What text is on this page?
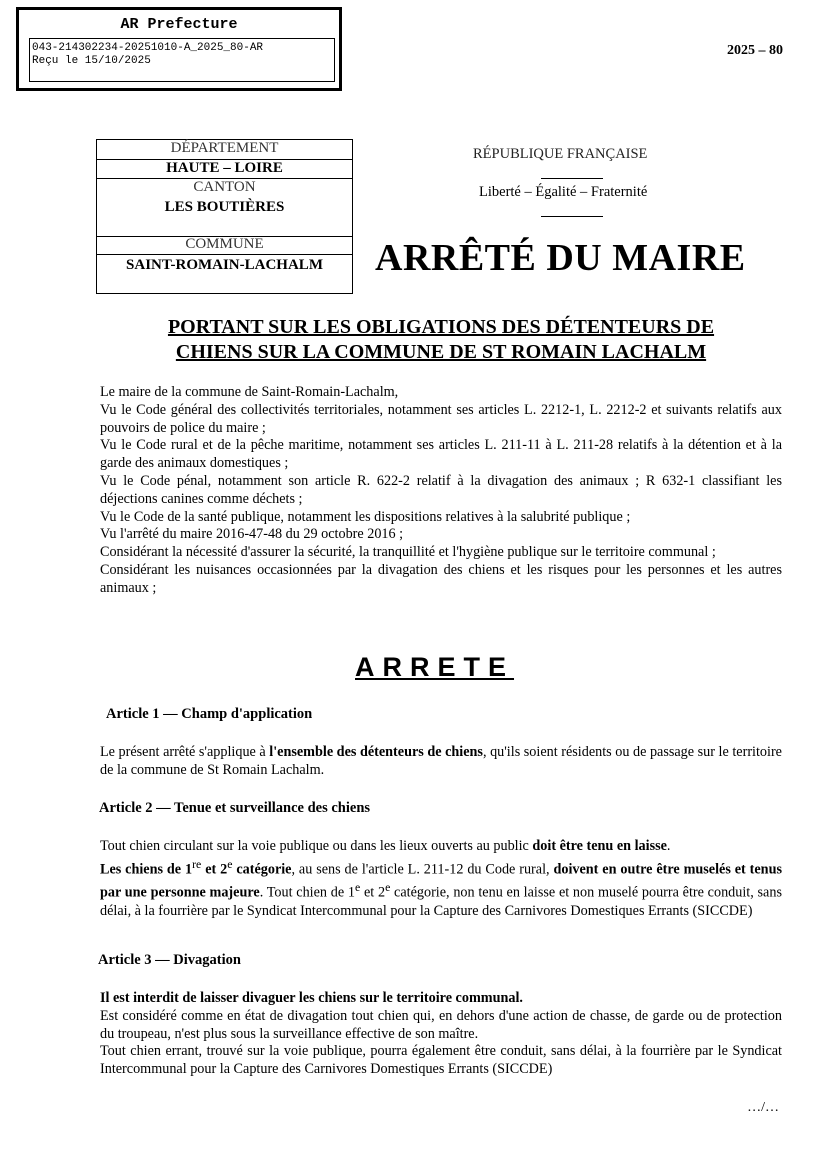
AR Prefecture
043-214302234-20251010-A_2025_80-AR
Reçu le 15/10/2025
2025 – 80
DÉPARTEMENT
HAUTE – LOIRE
CANTON
LES BOUTIÈRES
COMMUNE
SAINT-ROMAIN-LACHALM
RÉPUBLIQUE FRANÇAISE
Liberté – Égalité – Fraternité
ARRÊTÉ DU MAIRE
PORTANT SUR LES OBLIGATIONS DES DÉTENTEURS DE
CHIENS SUR LA COMMUNE DE ST ROMAIN LACHALM
Le maire de la commune de Saint-Romain-Lachalm,
Vu le Code général des collectivités territoriales, notamment ses articles L. 2212-1, L. 2212-2 et suivants relatifs aux pouvoirs de police du maire ;
Vu le Code rural et de la pêche maritime, notamment ses articles L. 211-11 à L. 211-28 relatifs à la détention et à la garde des animaux domestiques ;
Vu le Code pénal, notamment son article R. 622-2 relatif à la divagation des animaux ; R 632-1 classifiant les déjections canines comme déchets ;
Vu le Code de la santé publique, notamment les dispositions relatives à la salubrité publique ;
Vu l'arrêté du maire 2016-47-48 du 29 octobre 2016 ;
Considérant la nécessité d'assurer la sécurité, la tranquillité et l'hygiène publique sur le territoire communal ;
Considérant les nuisances occasionnées par la divagation des chiens et les risques pour les personnes et les autres animaux ;
ARRETE
Article 1 — Champ d'application
Le présent arrêté s'applique à l'ensemble des détenteurs de chiens, qu'ils soient résidents ou de passage sur le territoire de la commune de St Romain Lachalm.
Article 2 — Tenue et surveillance des chiens
Tout chien circulant sur la voie publique ou dans les lieux ouverts au public doit être tenu en laisse.
Les chiens de 1re et 2e catégorie, au sens de l'article L. 211-12 du Code rural, doivent en outre être muselés et tenus par une personne majeure. Tout chien de 1e et 2e catégorie, non tenu en laisse et non muselé pourra être conduit, sans délai, à la fourrière par le Syndicat Intercommunal pour la Capture des Carnivores Domestiques Errants (SICCDE)
Article 3 — Divagation
Il est interdit de laisser divaguer les chiens sur le territoire communal.
Est considéré comme en état de divagation tout chien qui, en dehors d'une action de chasse, de garde ou de protection du troupeau, n'est plus sous la surveillance effective de son maître.
Tout chien errant, trouvé sur la voie publique, pourra également être conduit, sans délai, à la fourrière par le Syndicat Intercommunal pour la Capture des Carnivores Domestiques Errants (SICCDE)
…/…
